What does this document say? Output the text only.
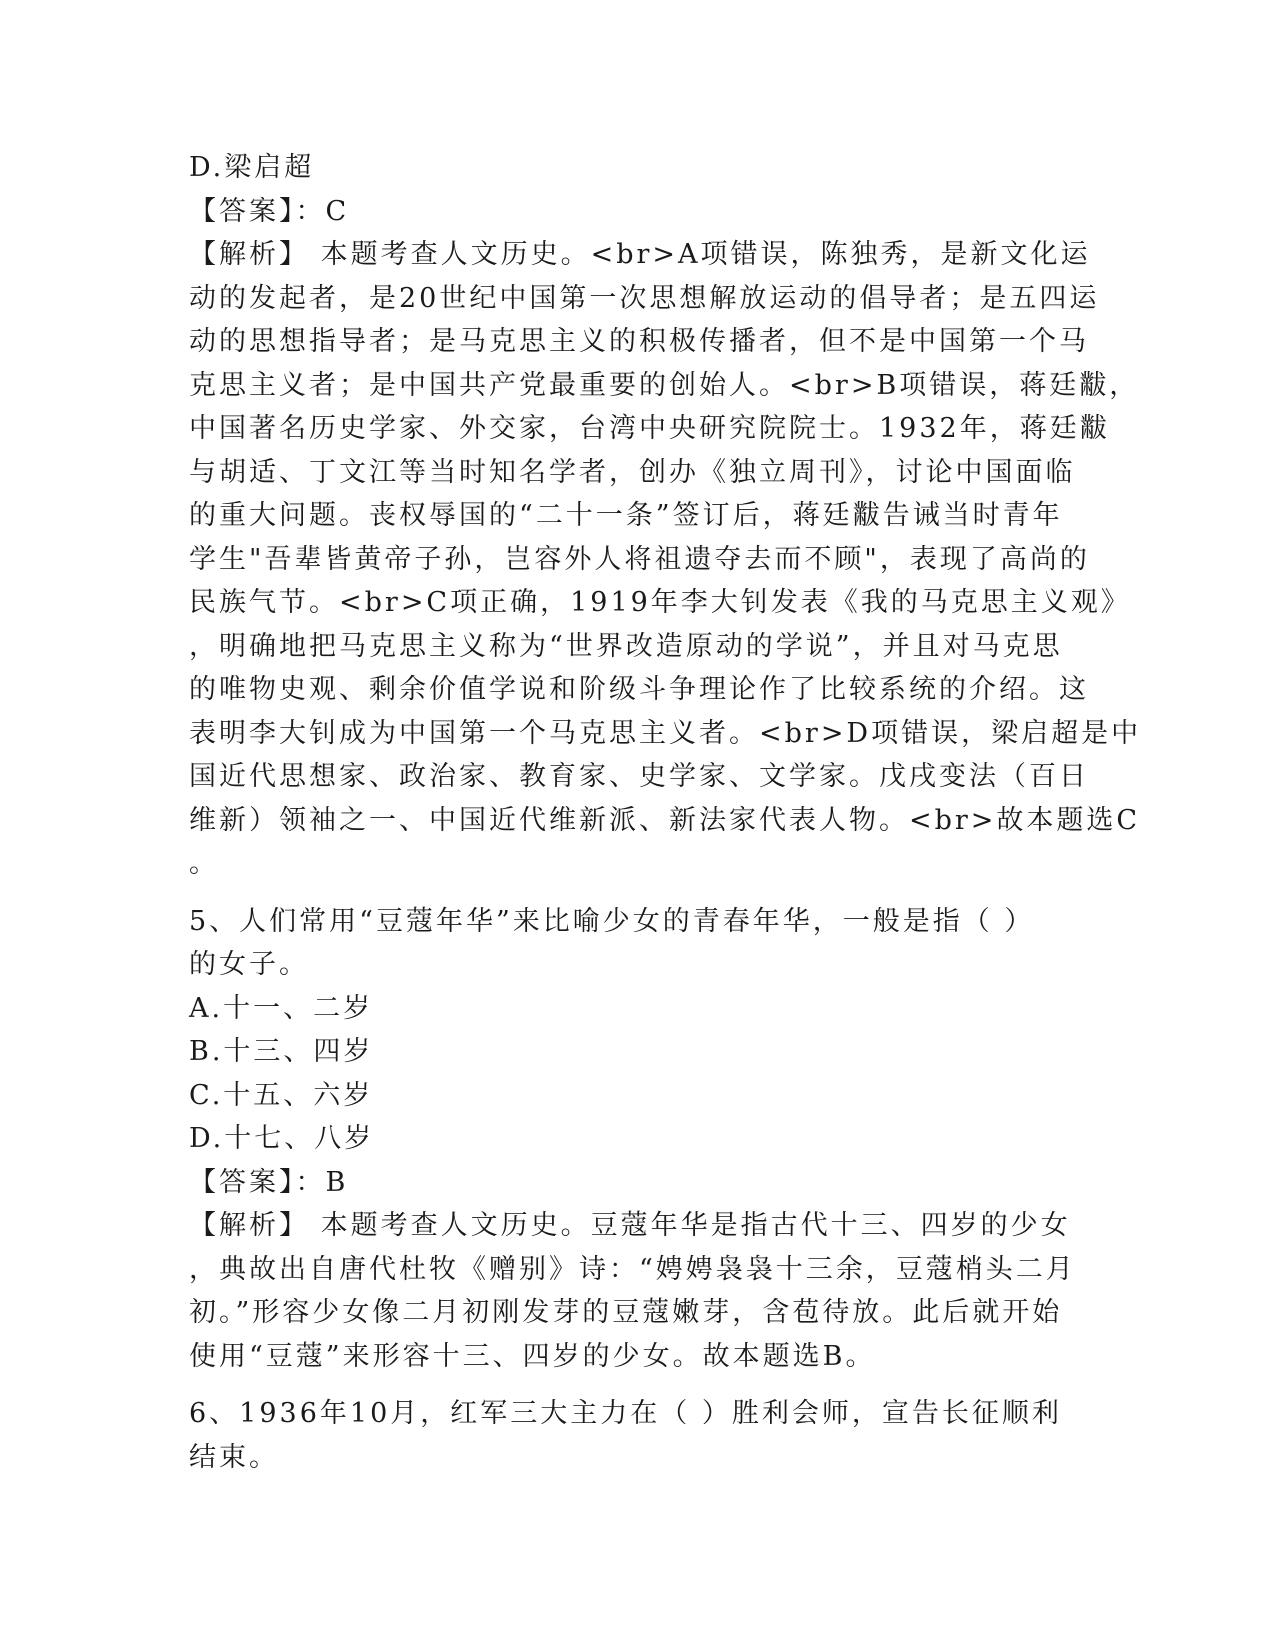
D.梁启超
【答案】：C
【解析】 本题考查人文历史。<br>A项错误，陈独秀，是新文化运
动的发起者，是20世纪中国第一次思想解放运动的倡导者；是五四运
动的思想指导者；是马克思主义的积极传播者，但不是中国第一个马
克思主义者；是中国共产党最重要的创始人。<br>B项错误，蒋廷黻，
中国著名历史学家、外交家，台湾中央研究院院士。1932年，蒋廷黻
与胡适、丁文江等当时知名学者，创办《独立周刊》，讨论中国面临
的重大问题。丧权辱国的“二十一条”签订后，蒋廷黻告诫当时青年
学生"吾辈皆黄帝子孙，岂容外人将祖遗夺去而不顾"，表现了高尚的
民族气节。<br>C项正确，1919年李大钊发表《我的马克思主义观》
，明确地把马克思主义称为“世界改造原动的学说”，并且对马克思
的唯物史观、剩余价值学说和阶级斗争理论作了比较系统的介绍。这
表明李大钊成为中国第一个马克思主义者。<br>D项错误，梁启超是中
国近代思想家、政治家、教育家、史学家、文学家。戊戌变法（百日
维新）领袖之一、中国近代维新派、新法家代表人物。<br>故本题选C
。
5、人们常用“豆蔻年华”来比喻少女的青春年华，一般是指（ ）
的女子。
A.十一、二岁
B.十三、四岁
C.十五、六岁
D.十七、八岁
【答案】：B
【解析】 本题考查人文历史。豆蔻年华是指古代十三、四岁的少女
，典故出自唐代杜牧《赠别》诗：“娉娉袅袅十三余，豆蔻梢头二月
初。”形容少女像二月初刚发芽的豆蔻嫩芽，含苞待放。此后就开始
使用“豆蔻”来形容十三、四岁的少女。故本题选B。
6、1936年10月，红军三大主力在（ ）胜利会师，宣告长征顺利
结束。
